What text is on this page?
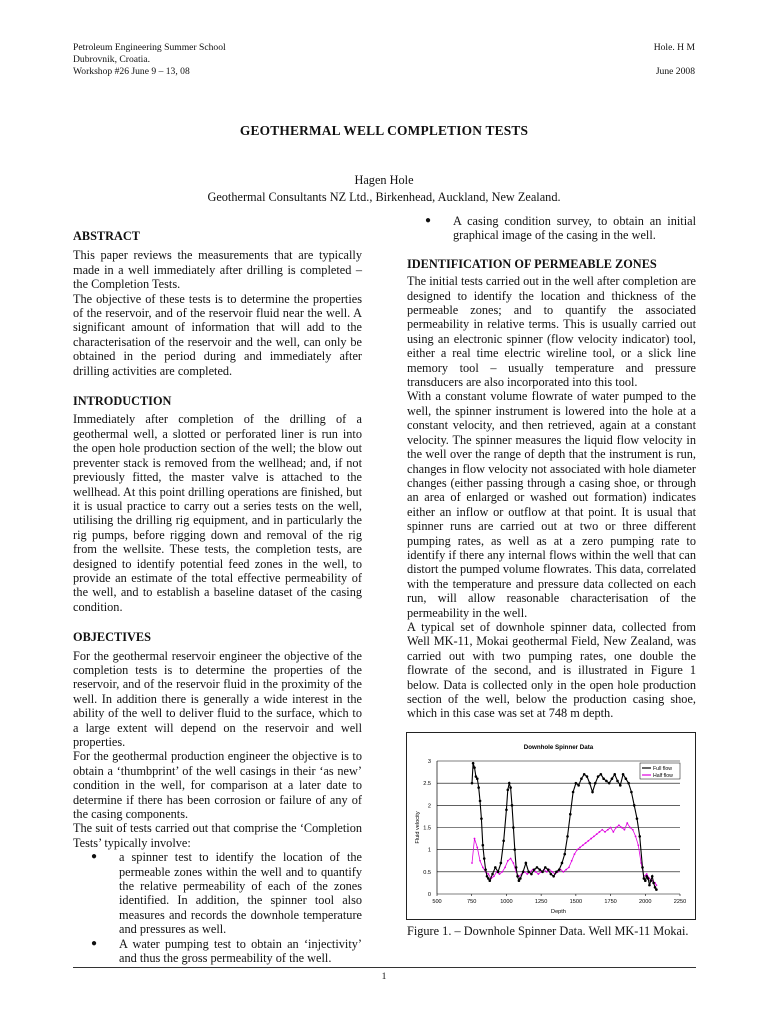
Petroleum Engineering Summer School
Dubrovnik, Croatia.
Workshop #26 June 9 – 13, 08
Hole. H M

June 2008
GEOTHERMAL WELL COMPLETION TESTS
Hagen Hole
Geothermal Consultants NZ Ltd., Birkenhead, Auckland, New Zealand.
ABSTRACT

This paper reviews the measurements that are typically made in a well immediately after drilling is completed – the Completion Tests.

The objective of these tests is to determine the properties of the reservoir, and of the reservoir fluid near the well. A significant amount of information that will add to the characterisation of the reservoir and the well, can only be obtained in the period during and immediately after drilling activities are completed.

INTRODUCTION

Immediately after completion of the drilling of a geothermal well, a slotted or perforated liner is run into the open hole production section of the well; the blow out preventer stack is removed from the wellhead; and, if not previously fitted, the master valve is attached to the wellhead. At this point drilling operations are finished, but it is usual practice to carry out a series tests on the well, utilising the drilling rig equipment, and in particularly the rig pumps, before rigging down and removal of the rig from the wellsite. These tests, the completion tests, are designed to identify potential feed zones in the well, to provide an estimate of the total effective permeability of the well, and to establish a baseline dataset of the casing condition.

OBJECTIVES

For the geothermal reservoir engineer the objective of the completion tests is to determine the properties of the reservoir, and of the reservoir fluid in the proximity of the well. In addition there is generally a wide interest in the ability of the well to deliver fluid to the surface, which to a large extent will depend on the reservoir and well properties.

For the geothermal production engineer the objective is to obtain a ‘thumbprint’ of the well casings in their ‘as new’ condition in the well, for comparison at a later date to determine if there has been corrosion or failure of any of the casing components.

The suit of tests carried out that comprise the ‘Completion Tests’ typically involve:

● a spinner test to identify the location of the permeable zones within the well and to quantify the relative permeability of each of the zones identified. In addition, the spinner tool also measures and records the downhole temperature and pressures as well.
● A water pumping test to obtain an ‘injectivity’ and thus the gross permeability of the well.
● A casing condition survey, to obtain an initial graphical image of the casing in the well.
IDENTIFICATION OF PERMEABLE ZONES

The initial tests carried out in the well after completion are designed to identify the location and thickness of the permeable zones; and to quantify the associated permeability in relative terms. This is usually carried out using an electronic spinner (flow velocity indicator) tool, either a real time electric wireline tool, or a slick line memory tool – usually temperature and pressure transducers are also incorporated into this tool.

With a constant volume flowrate of water pumped to the well, the spinner instrument is lowered into the hole at a constant velocity, and then retrieved, again at a constant velocity. The spinner measures the liquid flow velocity in the well over the range of depth that the instrument is run, changes in flow velocity not associated with hole diameter changes (either passing through a casing shoe, or through an area of enlarged or washed out formation) indicates either an inflow or outflow at that point. It is usual that spinner runs are carried out at two or three different pumping rates, as well as at a zero pumping rate to identify if there any internal flows within the well that can distort the pumped volume flowrates. This data, correlated with the temperature and pressure data collected on each run, will allow reasonable characterisation of the permeability in the well.

A typical set of downhole spinner data, collected from Well MK-11, Mokai geothermal Field, New Zealand, was carried out with two pumping rates, one double the flowrate of the second, and is illustrated in Figure 1 below. Data is collected only in the open hole production section of the well, below the production casing shoe, which in this case was set at 748 m depth.

Downhole Spinner Data
0
0.5
1
1.5
2
2.5
3
500	750	1000	1250	1500	1750	2000	2250
Depth
Fluid velocity
Full flow
Half flow
Figure 1. – Downhole Spinner Data. Well MK-11 Mokai.
1
